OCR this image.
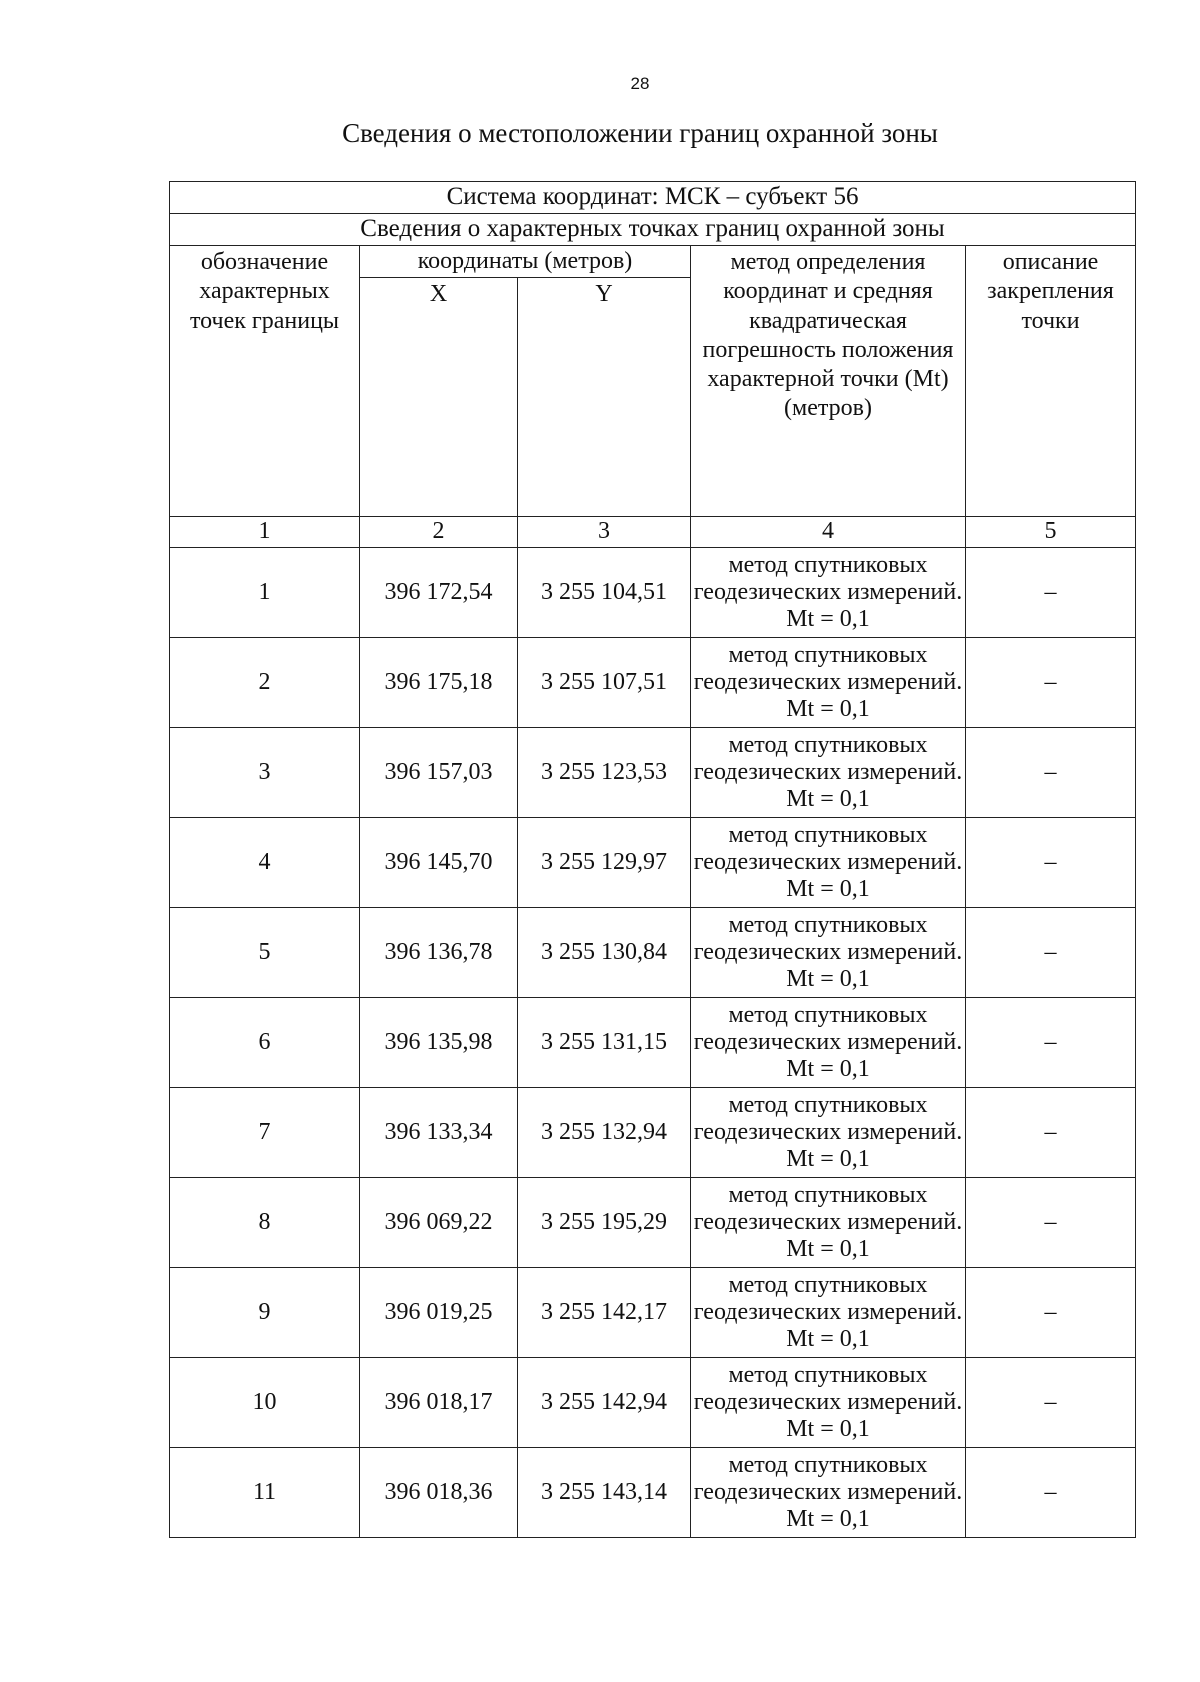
28
Сведения о местоположении границ охранной зоны
Система координат: МСК – субъект 56				
Сведения о характерных точках границ охранной зоны				
обозначение характерных точек границы	координаты (метров)		метод определения координат и средняя квадратическая погрешность положения характерной точки (Mt) (метров)	описание закрепления точки
	X	Y		
1	2	3	4	5
1	396 172,54	3 255 104,51	метод спутниковых геодезических измерений. Mt = 0,1	–
2	396 175,18	3 255 107,51	метод спутниковых геодезических измерений. Mt = 0,1	–
3	396 157,03	3 255 123,53	метод спутниковых геодезических измерений. Mt = 0,1	–
4	396 145,70	3 255 129,97	метод спутниковых геодезических измерений. Mt = 0,1	–
5	396 136,78	3 255 130,84	метод спутниковых геодезических измерений. Mt = 0,1	–
6	396 135,98	3 255 131,15	метод спутниковых геодезических измерений. Mt = 0,1	–
7	396 133,34	3 255 132,94	метод спутниковых геодезических измерений. Mt = 0,1	–
8	396 069,22	3 255 195,29	метод спутниковых геодезических измерений. Mt = 0,1	–
9	396 019,25	3 255 142,17	метод спутниковых геодезических измерений. Mt = 0,1	–
10	396 018,17	3 255 142,94	метод спутниковых геодезических измерений. Mt = 0,1	–
11	396 018,36	3 255 143,14	метод спутниковых геодезических измерений. Mt = 0,1	–
